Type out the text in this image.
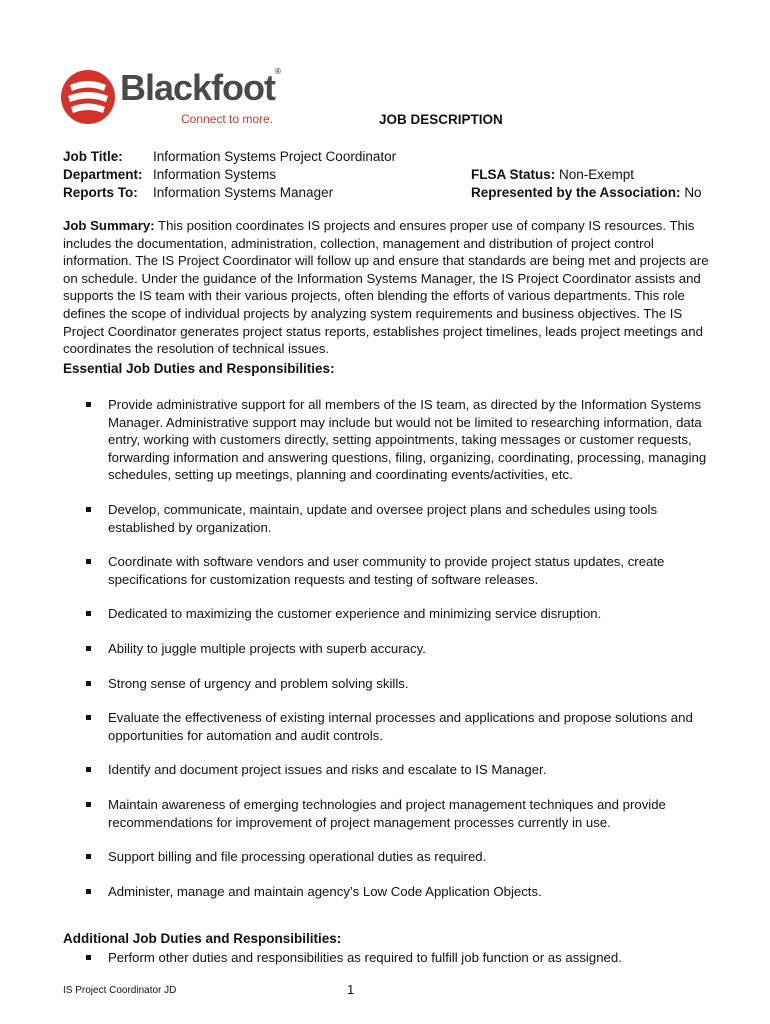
Blackfoot®
Connect to more.	JOB DESCRIPTION
Job Title:
Department:
Reports To:
Information Systems Project Coordinator
Information Systems
Information Systems Manager
FLSA Status: Non-Exempt
Represented by the Association: No
Job Summary: This position coordinates IS projects and ensures proper use of company IS resources. This includes the documentation, administration, collection, management and distribution of project control information. The IS Project Coordinator will follow up and ensure that standards are being met and projects are on schedule. Under the guidance of the Information Systems Manager, the IS Project Coordinator assists and supports the IS team with their various projects, often blending the efforts of various departments. This role defines the scope of individual projects by analyzing system requirements and business objectives. The IS Project Coordinator generates project status reports, establishes project timelines, leads project meetings and coordinates the resolution of technical issues.
Essential Job Duties and Responsibilities:
Provide administrative support for all members of the IS team, as directed by the Information Systems Manager. Administrative support may include but would not be limited to researching information, data entry, working with customers directly, setting appointments, taking messages or customer requests, forwarding information and answering questions, filing, organizing, coordinating, processing, managing schedules, setting up meetings, planning and coordinating events/activities, etc.
Develop, communicate, maintain, update and oversee project plans and schedules using tools established by organization.
Coordinate with software vendors and user community to provide project status updates, create specifications for customization requests and testing of software releases.
Dedicated to maximizing the customer experience and minimizing service disruption.
Ability to juggle multiple projects with superb accuracy.
Strong sense of urgency and problem solving skills.
Evaluate the effectiveness of existing internal processes and applications and propose solutions and opportunities for automation and audit controls.
Identify and document project issues and risks and escalate to IS Manager.
Maintain awareness of emerging technologies and project management techniques and provide recommendations for improvement of project management processes currently in use.
Support billing and file processing operational duties as required.
Administer, manage and maintain agency’s Low Code Application Objects.
Additional Job Duties and Responsibilities:
Perform other duties and responsibilities as required to fulfill job function or as assigned.
IS Project Coordinator JD	1
